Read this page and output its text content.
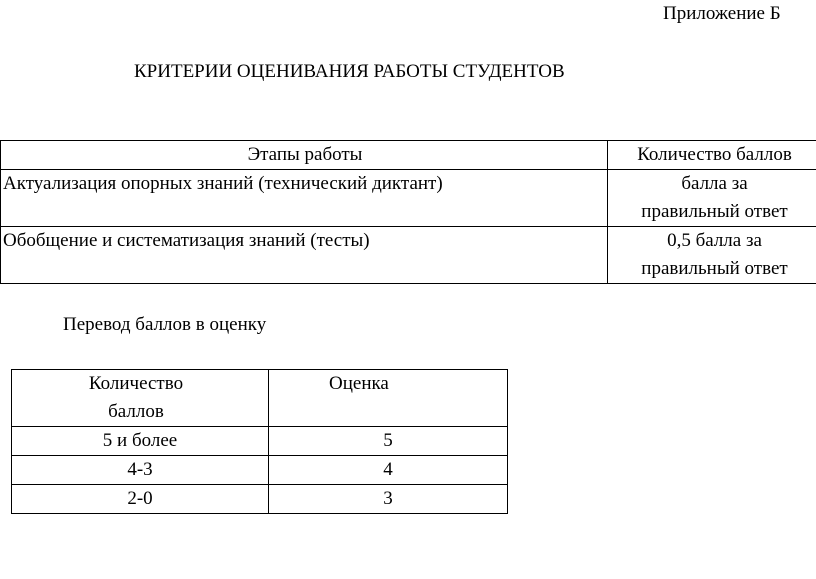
Приложение Б
КРИТЕРИИ ОЦЕНИВАНИЯ РАБОТЫ СТУДЕНТОВ
Этапы работы	Количество баллов
Актуализация опорных знаний (технический диктант)	балла за
правильный ответ

Обобщение и систематизация знаний (тесты)	0,5 балла за
правильный ответ
Перевод баллов в оценку
Количество
баллов	Оценка
5 и более	5
4-3	4
2-0	3
